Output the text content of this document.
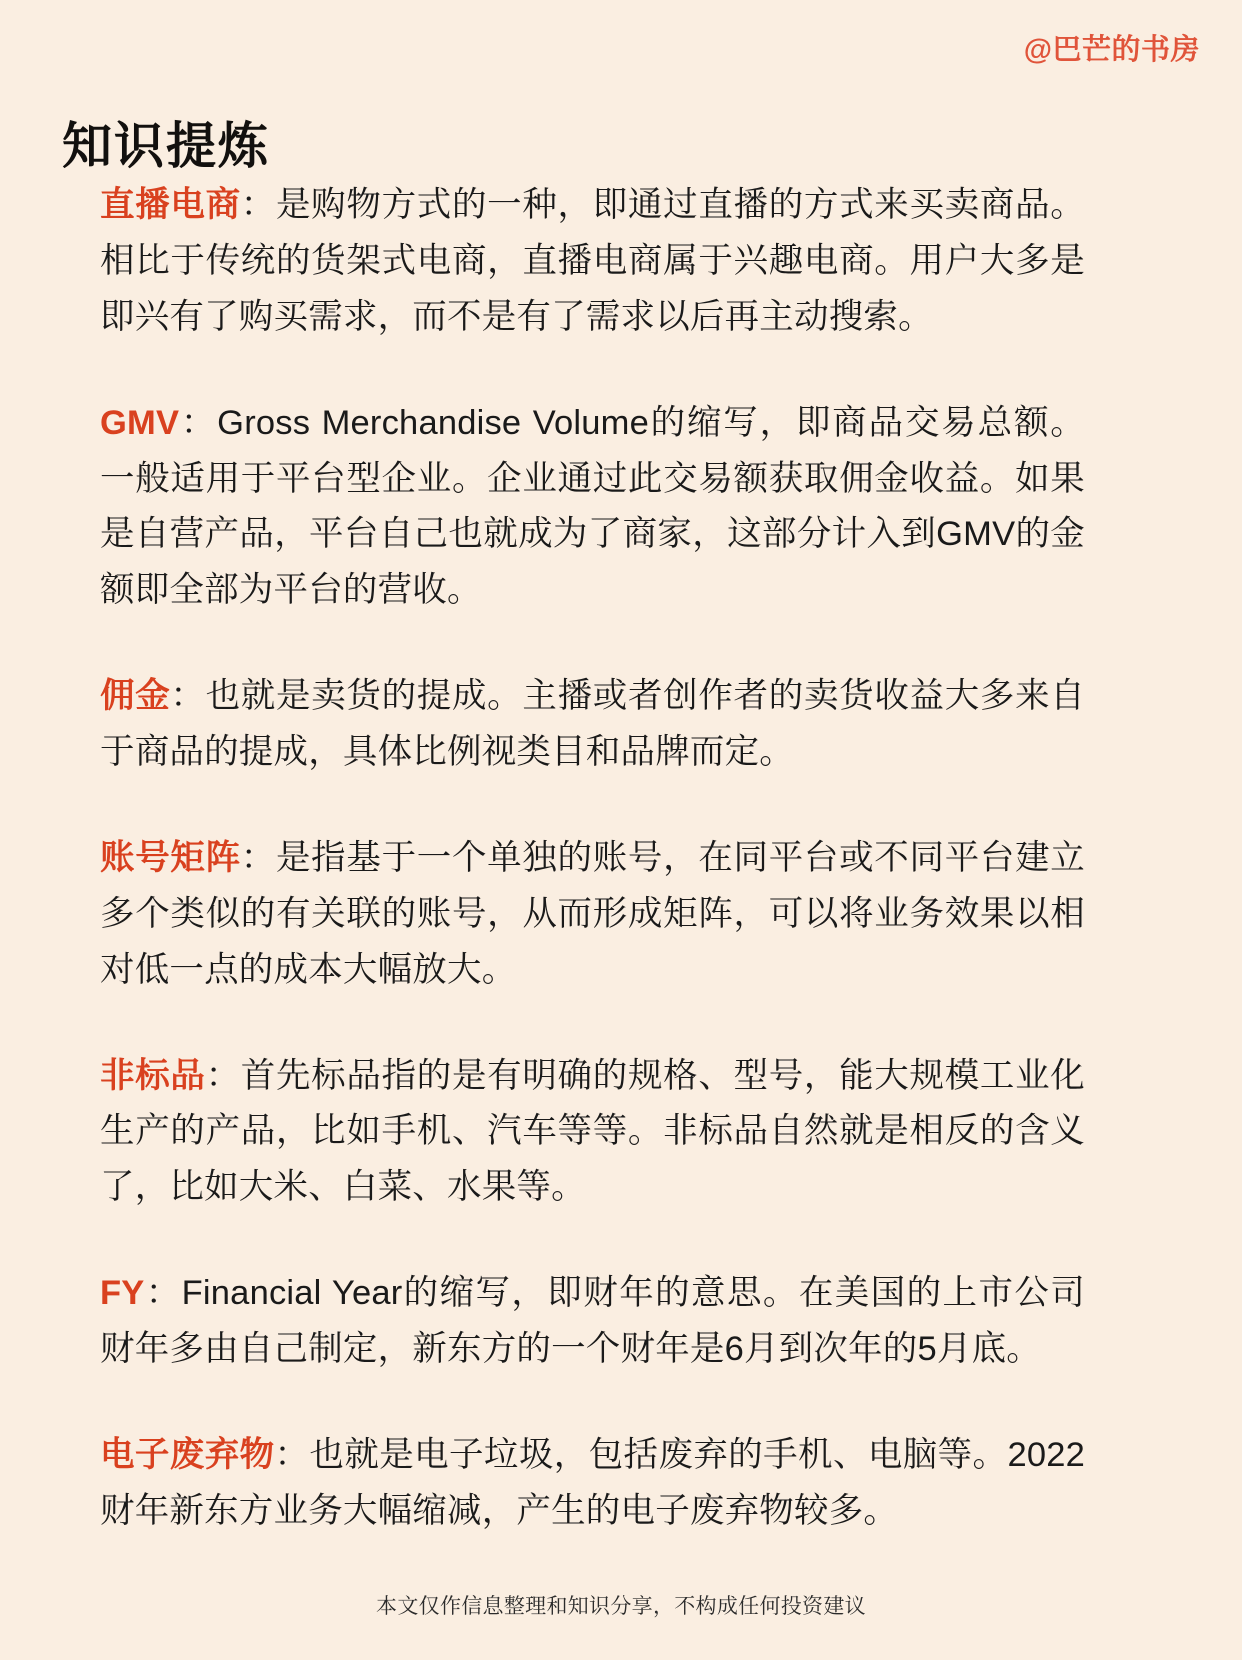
@巴芒的书房
知识提炼

直播电商：是购物方式的一种，即通过直播的方式来买卖商品。相比于传统的货架式电商，直播电商属于兴趣电商。用户大多是即兴有了购买需求，而不是有了需求以后再主动搜索。

GMV：Gross Merchandise Volume的缩写，即商品交易总额。一般适用于平台型企业。企业通过此交易额获取佣金收益。如果是自营产品，平台自己也就成为了商家，这部分计入到GMV的金额即全部为平台的营收。

佣金：也就是卖货的提成。主播或者创作者的卖货收益大多来自于商品的提成，具体比例视类目和品牌而定。

账号矩阵：是指基于一个单独的账号，在同平台或不同平台建立多个类似的有关联的账号，从而形成矩阵，可以将业务效果以相对低一点的成本大幅放大。

非标品：首先标品指的是有明确的规格、型号，能大规模工业化生产的产品，比如手机、汽车等等。非标品自然就是相反的含义了，比如大米、白菜、水果等。

FY：Financial Year的缩写，即财年的意思。在美国的上市公司财年多由自己制定，新东方的一个财年是6月到次年的5月底。

电子废弃物：也就是电子垃圾，包括废弃的手机、电脑等。2022财年新东方业务大幅缩减，产生的电子废弃物较多。

本文仅作信息整理和知识分享，不构成任何投资建议
